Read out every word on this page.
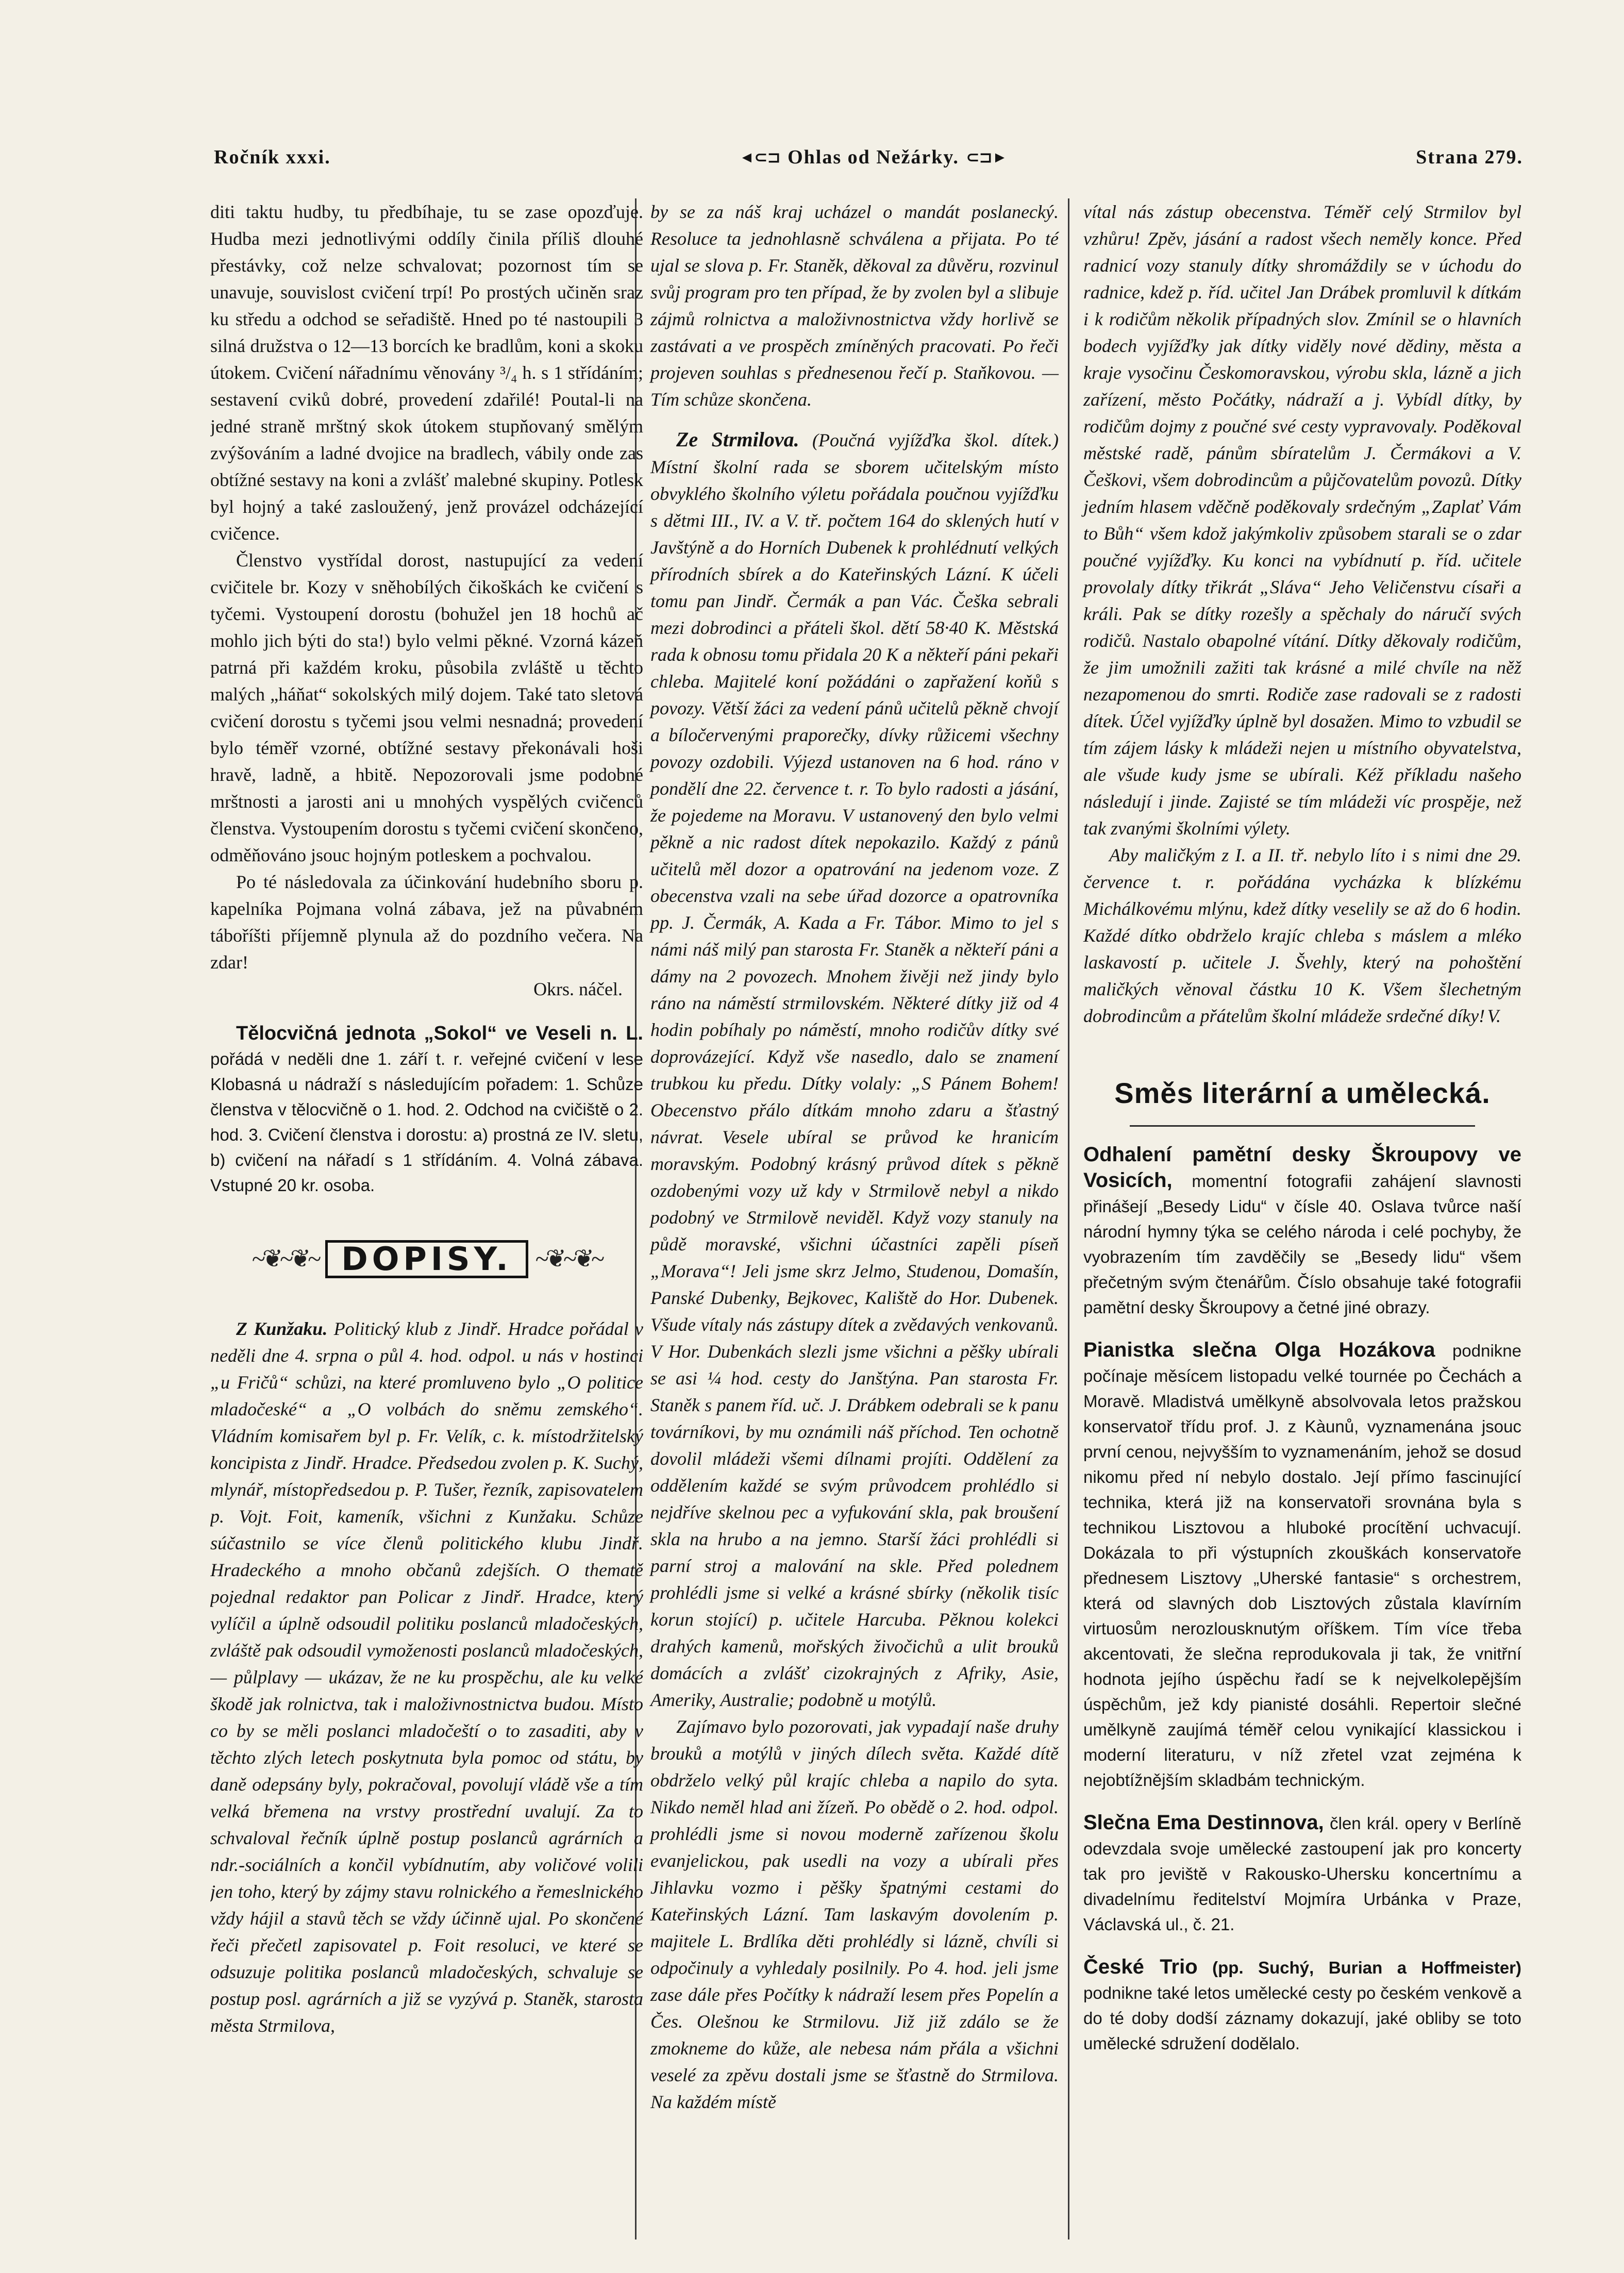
Ročník xxxi.	◄⊂⊐ Ohlas od Nežárky. ⊂⊐►	Strana 279.

diti taktu hudby, tu předbíhaje, tu se zase opozďuje. Hudba mezi jednotlivými oddíly činila příliš dlouhé přestávky, což nelze schvalovat; pozornost tím se unavuje, souvislost cvičení trpí! Po prostých učiněn sraz ku středu a odchod se seřadiště. Hned po té nastoupili 3 silná družstva o 12—13 borcích ke bradlům, koni a skoku útokem. Cvičení nářadnímu věnovány ³/₄ h. s 1 střídáním; sestavení cviků dobré, provedení zdařilé! Poutal-li na jedné straně mrštný skok útokem stupňovaný smělým zvýšováním a ladné dvojice na bradlech, vábily onde zas obtížné sestavy na koni a zvlášť malebné skupiny. Potlesk byl hojný a také zasloužený, jenž provázel odcházející cvičence.

Členstvo vystřídal dorost, nastupující za vedení cvičitele br. Kozy v sněhobílých čikoškách ke cvičení s tyčemi. Vystoupení dorostu (bohužel jen 18 hochů ač mohlo jich býti do sta!) bylo velmi pěkné. Vzorná kázeň patrná při každém kroku, působila zvláště u těchto malých „háňat“ sokolských milý dojem. Také tato sletová cvičení dorostu s tyčemi jsou velmi nesnadná; provedení bylo téměř vzorné, obtížné sestavy překonávali hoši hravě, ladně, a hbitě. Nepozorovali jsme podobné mrštnosti a jarosti ani u mnohých vyspělých cvičenců členstva. Vystoupením dorostu s tyčemi cvičení skončeno, odměňováno jsouc hojným potleskem a pochvalou.

Po té následovala za účinkování hudebního sboru p. kapelníka Pojmana volná zábava, jež na půvabném táboříšti příjemně plynula až do pozdního večera. Na zdar!

Okrs. náčel.

Tělocvičná jednota „Sokol“ ve Veseli n. L. pořádá v neděli dne 1. září t. r. veřejné cvičení v lese Klobasná u nádraží s následujícím pořadem: 1. Schůze členstva v tělocvičně o 1. hod. 2. Odchod na cvičiště o 2. hod. 3. Cvičení členstva i dorostu: a) prostná ze IV. sletu, b) cvičení na nářadí s 1 střídáním. 4. Volná zábava. Vstupné 20 kr. osoba.

~❦~❦~ DOPISY. ~❦~❦~

Z Kunžaku. Politický klub z Jindř. Hradce pořádal v neděli dne 4. srpna o půl 4. hod. odpol. u nás v hostinci „u Fričů“ schůzi, na které promluveno bylo „O politice mladočeské“ a „O volbách do sněmu zemského“. Vládním komisařem byl p. Fr. Velík, c. k. místodržitelský koncipista z Jindř. Hradce. Předsedou zvolen p. K. Suchý, mlynář, místopředsedou p. P. Tušer, řezník, zapisovatelem p. Vojt. Foit, kameník, všichni z Kunžaku. Schůze súčastnilo se více členů politického klubu Jindř. Hradeckého a mnoho občanů zdejších. O thematě pojednal redaktor pan Policar z Jindř. Hradce, který vylíčil a úplně odsoudil politiku poslanců mladočeských, zvláště pak odsoudil vymoženosti poslanců mladočeských, — půlplavy — ukázav, že ne ku prospěchu, ale ku velké škodě jak rolnictva, tak i maloživnostnictva budou. Místo co by se měli poslanci mladočeští o to zasaditi, aby v těchto zlých letech poskytnuta byla pomoc od státu, by daně odepsány byly, pokračoval, povolují vládě vše a tím velká břemena na vrstvy prostřední uvalují. Za to schvaloval řečník úplně postup poslanců agrárních a ndr.-sociálních a končil vybídnutím, aby voličové volili jen toho, který by zájmy stavu rolnického a řemeslnického vždy hájil a stavů těch se vždy účinně ujal. Po skončené řeči přečetl zapisovatel p. Foit resoluci, ve které se odsuzuje politika poslanců mladočeských, schvaluje se postup posl. agrárních a již se vyzývá p. Staněk, starosta města Strmilova,

by se za náš kraj ucházel o mandát poslanecký. Resoluce ta jednohlasně schválena a přijata. Po té ujal se slova p. Fr. Staněk, děkoval za důvěru, rozvinul svůj program pro ten případ, že by zvolen byl a slibuje zájmů rolnictva a maloživnostnictva vždy horlivě se zastávati a ve prospěch zmíněných pracovati. Po řeči projeven souhlas s přednesenou řečí p. Staňkovou. — Tím schůze skončena.

Ze Strmilova. (Poučná vyjížďka škol. dítek.) Místní školní rada se sborem učitelským místo obvyklého školního výletu pořádala poučnou vyjížďku s dětmi III., IV. a V. tř. počtem 164 do sklených hutí v Javštýně a do Horních Dubenek k prohlédnutí velkých přírodních sbírek a do Kateřinských Lázní. K účeli tomu pan Jindř. Čermák a pan Vác. Češka sebrali mezi dobrodinci a přáteli škol. dětí 58·40 K. Městská rada k obnosu tomu přidala 20 K a někteří páni pekaři chleba. Majitelé koní požádáni o zapřažení koňů s povozy. Větší žáci za vedení pánů učitelů pěkně chvojí a bíločervenými praporečky, dívky růžicemi všechny povozy ozdobili. Výjezd ustanoven na 6 hod. ráno v pondělí dne 22. července t. r. To bylo radosti a jásání, že pojedeme na Moravu. V ustanovený den bylo velmi pěkně a nic radost dítek nepokazilo. Každý z pánů učitelů měl dozor a opatrování na jedenom voze. Z obecenstva vzali na sebe úřad dozorce a opatrovníka pp. J. Čermák, A. Kada a Fr. Tábor. Mimo to jel s námi náš milý pan starosta Fr. Staněk a někteří páni a dámy na 2 povozech. Mnohem živěji než jindy bylo ráno na náměstí strmilovském. Některé dítky již od 4 hodin pobíhaly po náměstí, mnoho rodičův dítky své doprovázející. Když vše nasedlo, dalo se znamení trubkou ku předu. Dítky volaly: „S Pánem Bohem! Obecenstvo přálo dítkám mnoho zdaru a šťastný návrat. Vesele ubíral se průvod ke hranicím moravským. Podobný krásný průvod dítek s pěkně ozdobenými vozy už kdy v Strmilově nebyl a nikdo podobný ve Strmilově neviděl. Když vozy stanuly na půdě moravské, všichni účastníci zapěli píseň „Morava“! Jeli jsme skrz Jelmo, Studenou, Domašín, Panské Dubenky, Bejkovec, Kaliště do Hor. Dubenek. Všude vítaly nás zástupy dítek a zvědavých venkovanů. V Hor. Dubenkách slezli jsme všichni a pěšky ubírali se asi ¼ hod. cesty do Janštýna. Pan starosta Fr. Staněk s panem říd. uč. J. Drábkem odebrali se k panu továrníkovi, by mu oznámili náš příchod. Ten ochotně dovolil mládeži všemi dílnami projíti. Oddělení za oddělením každé se svým průvodcem prohlédlo si nejdříve skelnou pec a vyfukování skla, pak broušení skla na hrubo a na jemno. Starší žáci prohlédli si parní stroj a malování na skle. Před polednem prohlédli jsme si velké a krásné sbírky (několik tisíc korun stojící) p. učitele Harcuba. Pěknou kolekci drahých kamenů, mořských živočichů a ulit brouků domácích a zvlášť cizokrajných z Afriky, Asie, Ameriky, Australie; podobně u motýlů.

Zajímavo bylo pozorovati, jak vypadají naše druhy brouků a motýlů v jiných dílech světa. Každé dítě obdrželo velký půl krajíc chleba a napilo do syta. Nikdo neměl hlad ani žízeň. Po obědě o 2. hod. odpol. prohlédli jsme si novou moderně zařízenou školu evanjelickou, pak usedli na vozy a ubírali přes Jihlavku vozmo i pěšky špatnými cestami do Kateřinských Lázní. Tam laskavým dovolením p. majitele L. Brdlíka děti prohlédly si lázně, chvíli si odpočinuly a vyhledaly posilnily. Po 4. hod. jeli jsme zase dále přes Počítky k nádraží lesem přes Popelín a Čes. Olešnou ke Strmilovu. Již již zdálo se že zmokneme do kůže, ale nebesa nám přála a všichni veselé za zpěvu dostali jsme se šťastně do Strmilova. Na každém místě

vítal nás zástup obecenstva. Téměř celý Strmilov byl vzhůru! Zpěv, jásání a radost všech neměly konce. Před radnicí vozy stanuly dítky shromáždily se v úchodu do radnice, kdež p. říd. učitel Jan Drábek promluvil k dítkám i k rodičům několik případných slov. Zmínil se o hlavních bodech vyjížďky jak dítky viděly nové dědiny, města a kraje vysočinu Českomoravskou, výrobu skla, lázně a jich zařízení, město Počátky, nádraží a j. Vybídl dítky, by rodičům dojmy z poučné své cesty vypravovaly. Poděkoval městské radě, pánům sbíratelům J. Čermákovi a V. Češkovi, všem dobrodincům a půjčovatelům povozů. Dítky jedním hlasem vděčně poděkovaly srdečným „Zaplať Vám to Bůh“ všem kdož jakýmkoliv způsobem starali se o zdar poučné vyjížďky. Ku konci na vybídnutí p. říd. učitele provolaly dítky třikrát „Sláva“ Jeho Veličenstvu císaři a králi. Pak se dítky rozešly a spěchaly do náručí svých rodičů. Nastalo obapolné vítání. Dítky děkovaly rodičům, že jim umožnili zažiti tak krásné a milé chvíle na něž nezapomenou do smrti. Rodiče zase radovali se z radosti dítek. Účel vyjížďky úplně byl dosažen. Mimo to vzbudil se tím zájem lásky k mládeži nejen u místního obyvatelstva, ale všude kudy jsme se ubírali. Kéž příkladu našeho následují i jinde. Zajisté se tím mládeži víc prospěje, než tak zvanými školními výlety.

Aby maličkým z I. a II. tř. nebylo líto i s nimi dne 29. července t. r. pořádána vycházka k blízkému Michálkovému mlýnu, kdež dítky veselily se až do 6 hodin. Každé dítko obdrželo krajíc chleba s máslem a mléko laskavostí p. učitele J. Švehly, který na pohoštění maličkých věnoval částku 10 K. Všem šlechetným dobrodincům a přátelům školní mládeže srdečné díky! V.
Směs literární a umělecká.

Odhalení pamětní desky Škroupovy ve Vosicích, momentní fotografii zahájení slavnosti přinášejí „Besedy Lidu“ v čísle 40. Oslava tvůrce naší národní hymny týka se celého národa i celé pochyby, že vyobrazením tím zavděčily se „Besedy lidu“ všem přečetným svým čtenářům. Číslo obsahuje také fotografii pamětní desky Škroupovy a četné jiné obrazy.

Pianistka slečna Olga Hozákova podnikne počínaje měsícem listopadu velké tournée po Čechách a Moravě. Mladistvá umělkyně absolvovala letos pražskou konservatoř třídu prof. J. z Kàunů, vyznamenána jsouc první cenou, nejvyšším to vyznamenáním, jehož se dosud nikomu před ní nebylo dostalo. Její přímo fascinující technika, která již na konservatoři srovnána byla s technikou Lisztovou a hluboké procítění uchvacují. Dokázala to při výstupních zkouškách konservatoře přednesem Lisztovy „Uherské fantasie“ s orchestrem, která od slavných dob Lisztových zůstala klavírním virtuosům nerozlousknutým oříškem. Tím více třeba akcentovati, že slečna reprodukovala ji tak, že vnitřní hodnota jejího úspěchu řadí se k nejvelkolepějším úspěchům, jež kdy pianisté dosáhli. Repertoir slečné umělkyně zaujímá téměř celou vynikající klassickou i moderní literaturu, v níž zřetel vzat zejména k nejobtížnějším skladbám technickým.

Slečna Ema Destinnova, člen král. opery v Berlíně odevzdala svoje umělecké zastoupení jak pro koncerty tak pro jeviště v Rakousko-Uhersku koncertnímu a divadelnímu ředitelství Mojmíra Urbánka v Praze, Václavská ul., č. 21.

České Trio (pp. Suchý, Burian a Hoffmeister) podnikne také letos umělecké cesty po českém venkově a do té doby dodší záznamy dokazují, jaké obliby se toto umělecké sdružení dodělalo.
